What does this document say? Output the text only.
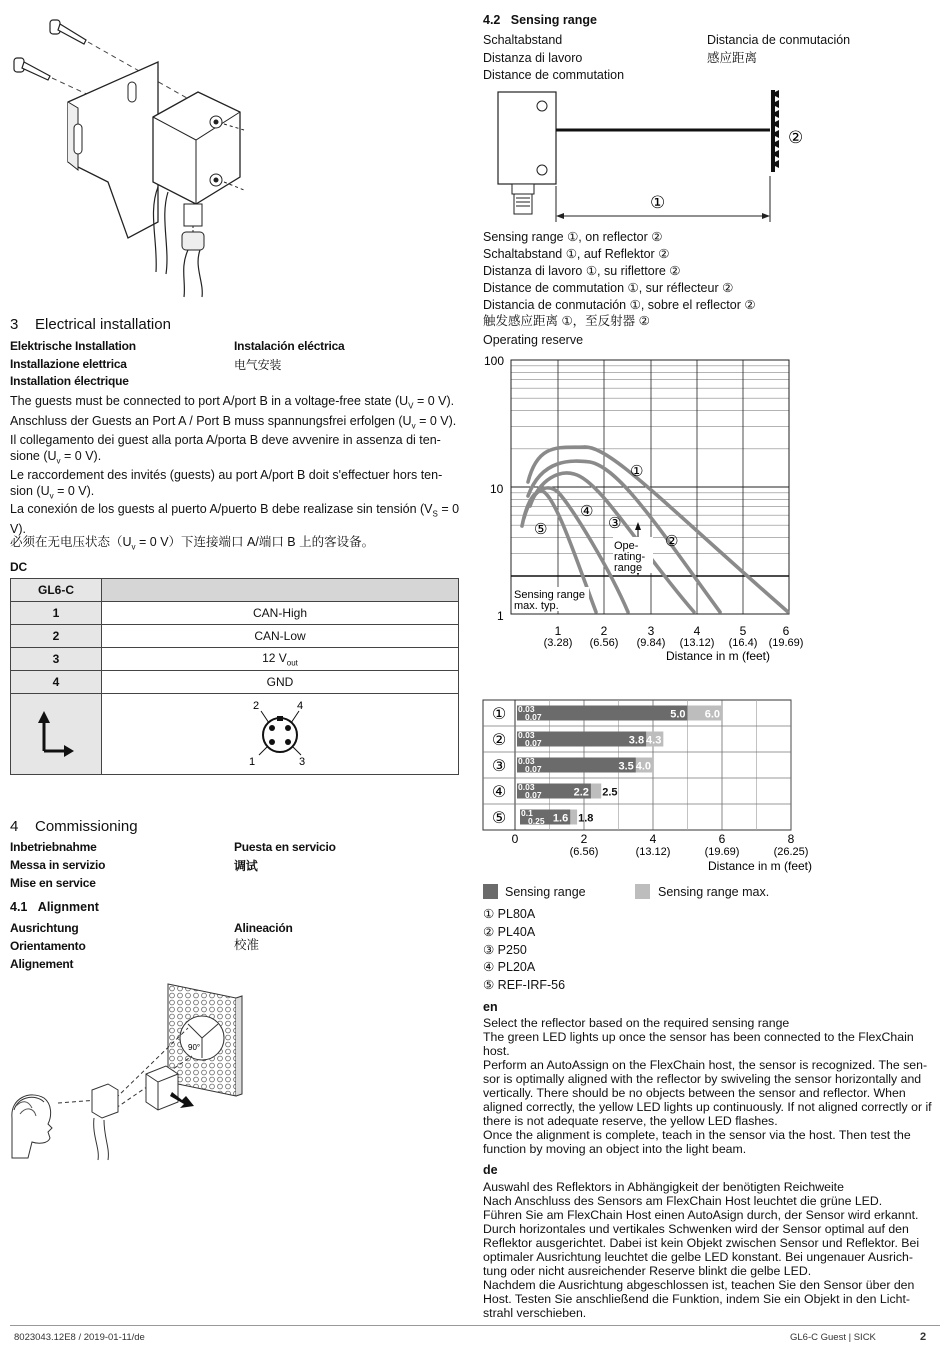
3    Electrical installation
Elektrische Installation	Instalación eléctrica
Installazione elettrica	电气安装
Installation électrique
The guests must be connected to port A/port B in a voltage-free state ($U_V = 0$ V).
Anschluss der Guests an Port A / Port B muss spannungsfrei erfolgen ($U_v = 0$ V).
Il collegamento dei guest alla porta A/porta B deve avvenire in assenza di ten-
sione ($U_v = 0$ V).
Le raccordement des invités (guests) au port A/port B doit s'effectuer hors ten-
sion ($U_v = 0$ V).
La conexión de los guests al puerto A/puerto B debe realizase sin tensión ($V_S = 0$
V).
必须在无电压状态（$U_v = 0$ V）下连接端口 A/端口 B 上的客设备。
DC
GL6-C	
1	CAN-High
2	CAN-Low
3	12 $V_{out}$
4	GND

2 4
1 3
4    Commissioning
Inbetriebnahme	Puesta en servicio
Messa in servizio	调试
Mise en service
4.1   Alignment
Ausrichtung	Alineación
Orientamento	校准
Alignement
90°
4.2   Sensing range
Schaltabstand	Distancia de conmutación
Distanza di lavoro	感应距离
Distance de commutation
②
①
Sensing range ①, on reflector ②
Schaltabstand ①, auf Reflektor ②
Distanza di lavoro ①, su riflettore ②
Distance de commutation ①, sur réflecteur ②
Distancia de conmutación ①, sobre el reflector ②
触发感应距离 ①，至反射器 ②
Operating reserve
100
10
1
1	2	3	4	5	6
(3.28) (6.56) (9.84) (13.12) (16.4) (19.69)
Distance in m (feet)
①
②
③
④
⑤
Ope- rating- range
Sensing range max. typ.
① 0.03
0.07	5.0 6.0
② 0.03
0.07	3.8 4.3
③ 0.03
0.07	3.5 4.0
④ 0.03
0.07	2.2 2.5
⑤ 0.1
0.25 1.6 1.8
0	2	4	6	8
(6.56)	(13.12)	(19.69)	(26.25)
Distance in m (feet)
Sensing range	Sensing range max.
① PL80A
② PL40A
③ P250
④ PL20A
⑤ REF-IRF-56
en
Select the reflector based on the required sensing range
The green LED lights up once the sensor has been connected to the FlexChain
host.
Perform an AutoAssign on the FlexChain host, the sensor is recognized. The sen-
sor is optimally aligned with the reflector by swiveling the sensor horizontally and
vertically. There should be no objects between the sensor and reflector. When
aligned correctly, the yellow LED lights up continuously. If not aligned correctly or if
there is not adequate reserve, the yellow LED flashes.
Once the alignment is complete, teach in the sensor via the host. Then test the
function by moving an object into the light beam.
de
Auswahl des Reflektors in Abhängigkeit der benötigten Reichweite
Nach Anschluss des Sensors am FlexChain Host leuchtet die grüne LED.
Führen Sie am FlexChain Host einen AutoAsign durch, der Sensor wird erkannt.
Durch horizontales und vertikales Schwenken wird der Sensor optimal auf den
Reflektor ausgerichtet. Dabei ist kein Objekt zwischen Sensor und Reflektor. Bei
optimaler Ausrichtung leuchtet die gelbe LED konstant. Bei ungenauer Ausrich-
tung oder nicht ausreichender Reserve blinkt die gelbe LED.
Nachdem die Ausrichtung abgeschlossen ist, teachen Sie den Sensor über den
Host. Testen Sie anschließend die Funktion, indem Sie ein Objekt in den Licht-
strahl verschieben.
8023043.12E8 / 2019-01-11/de	GL6-C Guest | SICK	2
